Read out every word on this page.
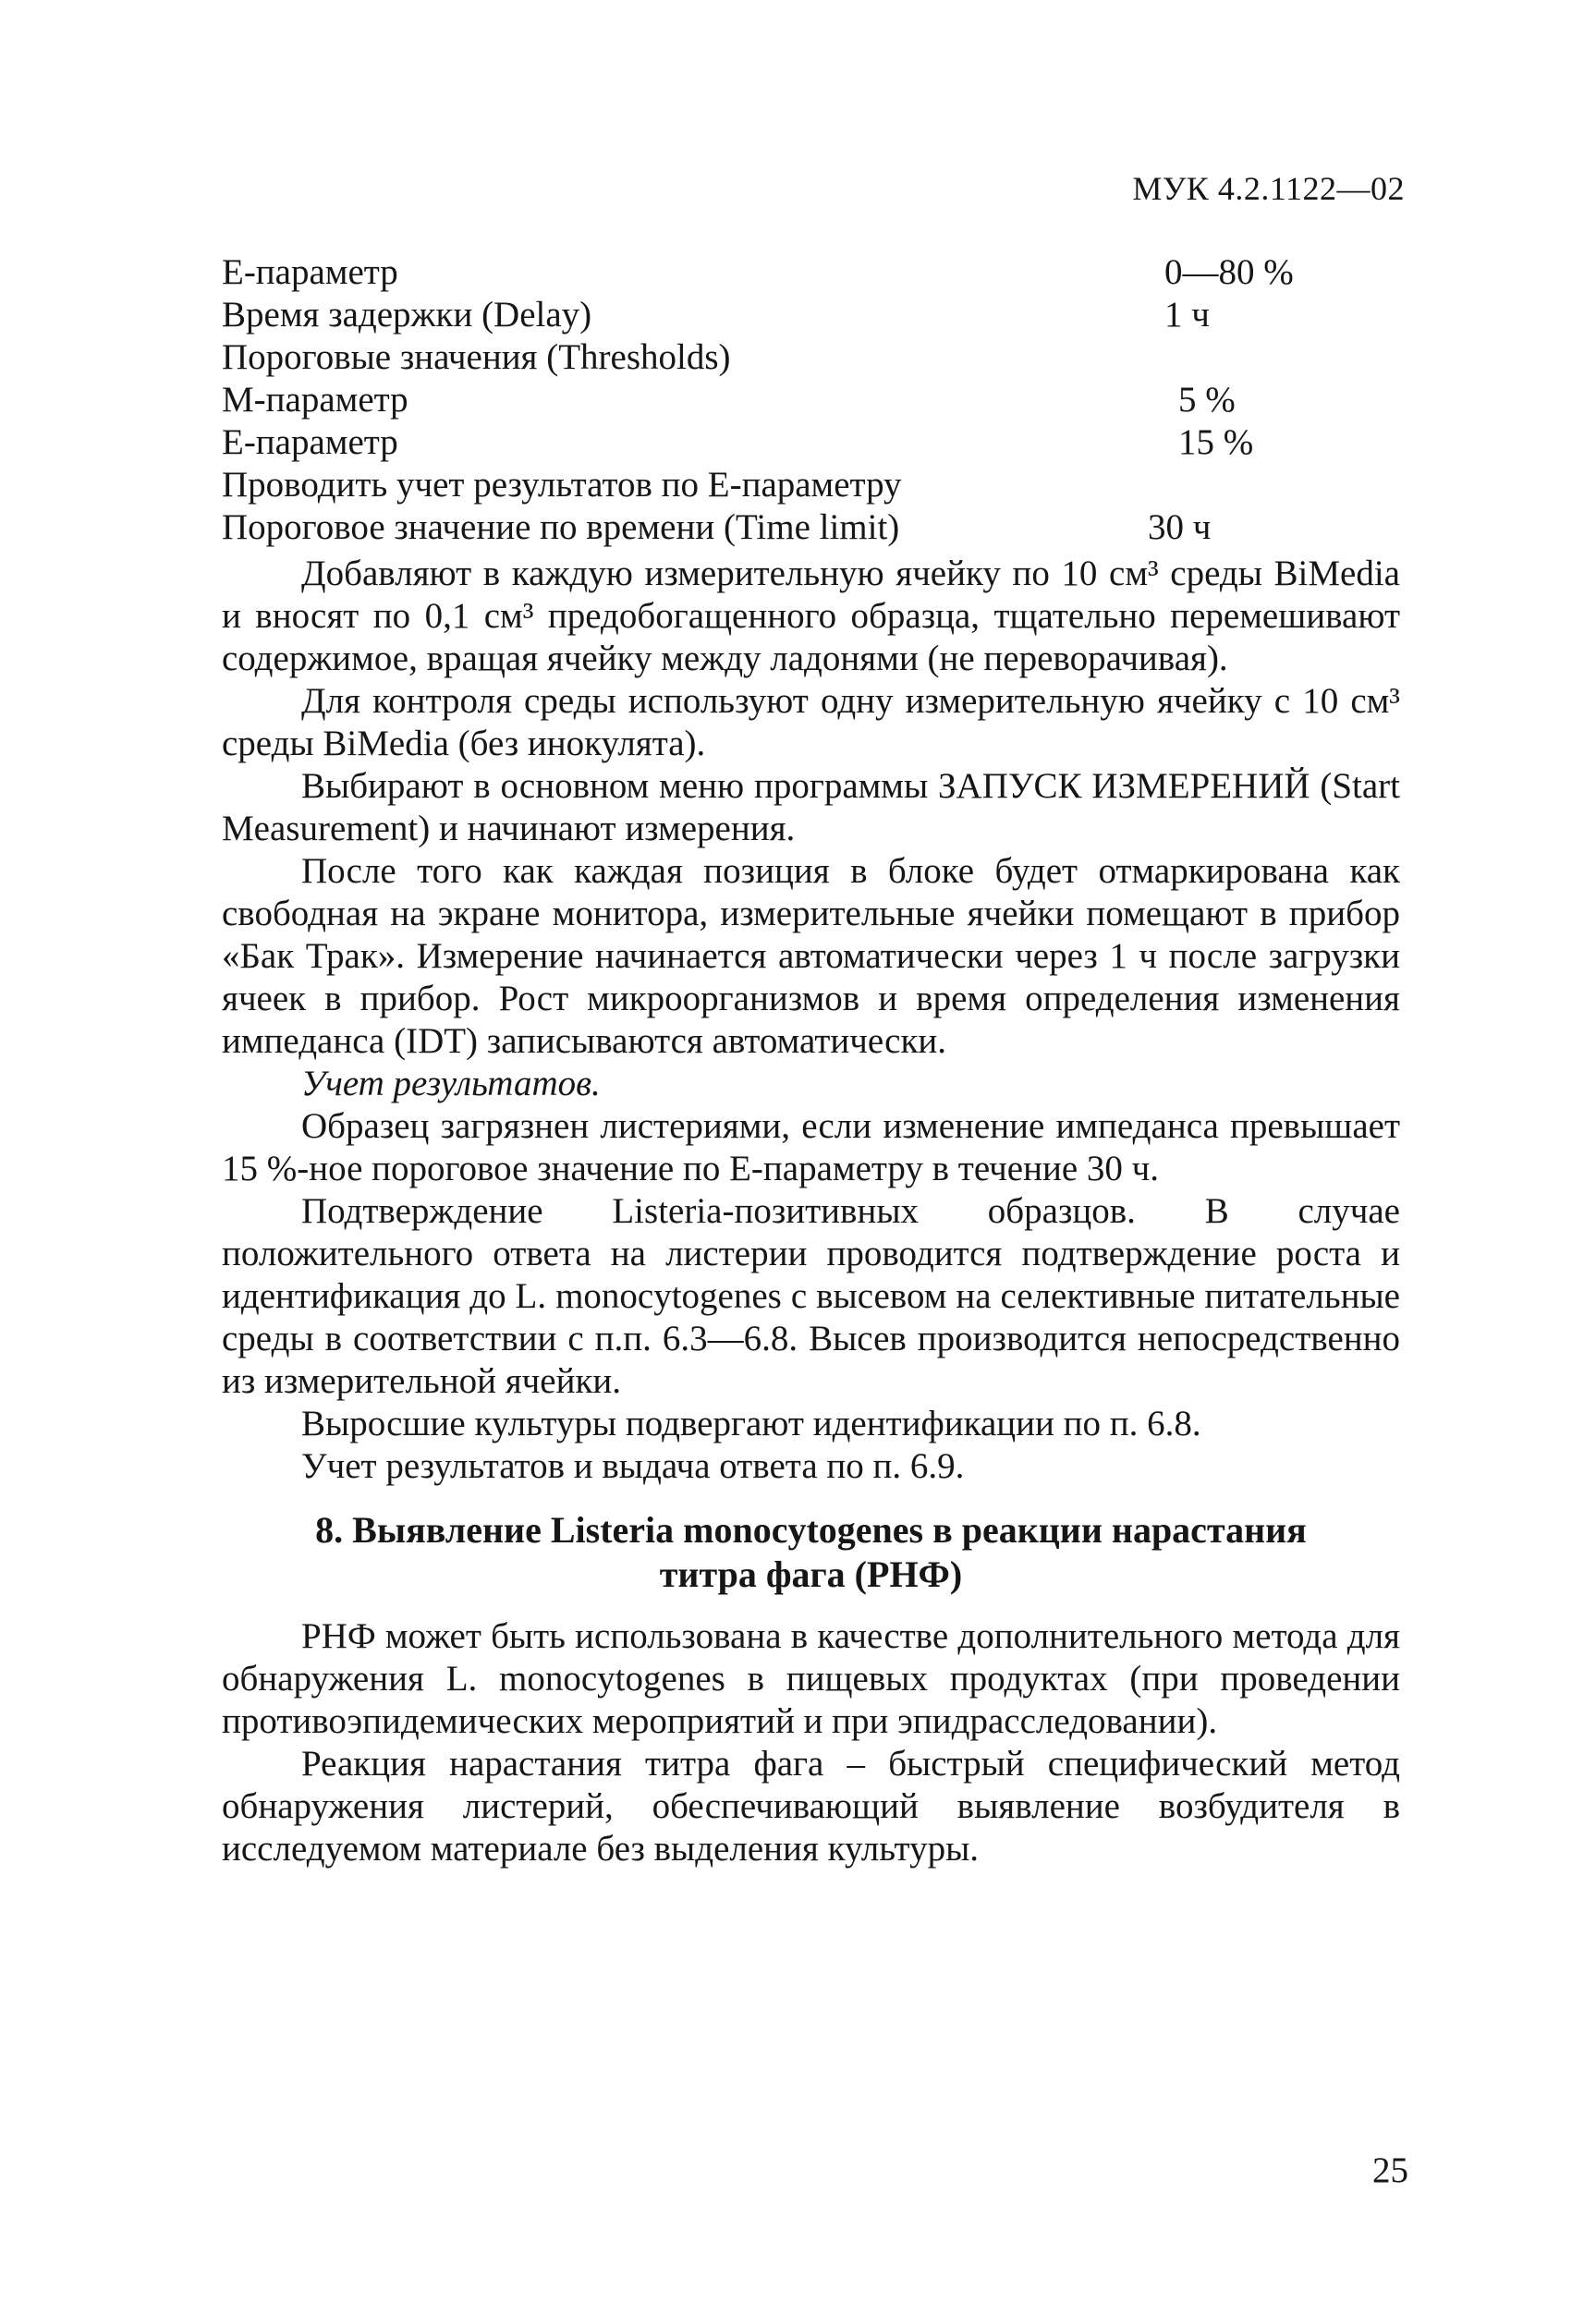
МУК 4.2.1122—02
Е-параметр	0—80 %
Время задержки (Delay)	1 ч
Пороговые значения (Thresholds)
М-параметр	5 %
Е-параметр	15 %
Проводить учет результатов по Е-параметру
Пороговое значение по времени (Time limit)	30 ч

Добавляют в каждую измерительную ячейку по 10 см³ среды BiMedia и вносят по 0,1 см³ предобогащенного образца, тщательно перемешивают содержимое, вращая ячейку между ладонями (не переворачивая).

Для контроля среды используют одну измерительную ячейку с 10 см³ среды BiMedia (без инокулята).

Выбирают в основном меню программы ЗАПУСК ИЗМЕРЕНИЙ (Start Measurement) и начинают измерения.

После того как каждая позиция в блоке будет отмаркирована как свободная на экране монитора, измерительные ячейки помещают в прибор «Бак Трак». Измерение начинается автоматически через 1 ч после загрузки ячеек в прибор. Рост микроорганизмов и время определения изменения импеданса (IDT) записываются автоматически.

Учет результатов.

Образец загрязнен листериями, если изменение импеданса превышает 15 %-ное пороговое значение по Е-параметру в течение 30 ч.

Подтверждение Listeria-позитивных образцов. В случае положительного ответа на листерии проводится подтверждение роста и идентификация до L. monocytogenes с высевом на селективные питательные среды в соответствии с п.п. 6.3—6.8. Высев производится непосредственно из измерительной ячейки.

Выросшие культуры подвергают идентификации по п. 6.8.

Учет результатов и выдача ответа по п. 6.9.

8. Выявление Listeria monocytogenes в реакции нарастания
титра фага (РНФ)

РНФ может быть использована в качестве дополнительного метода для обнаружения L. monocytogenes в пищевых продуктах (при проведении противоэпидемических мероприятий и при эпидрасследовании).

Реакция нарастания титра фага – быстрый специфический метод обнаружения листерий, обеспечивающий выявление возбудителя в исследуемом материале без выделения культуры.

25
